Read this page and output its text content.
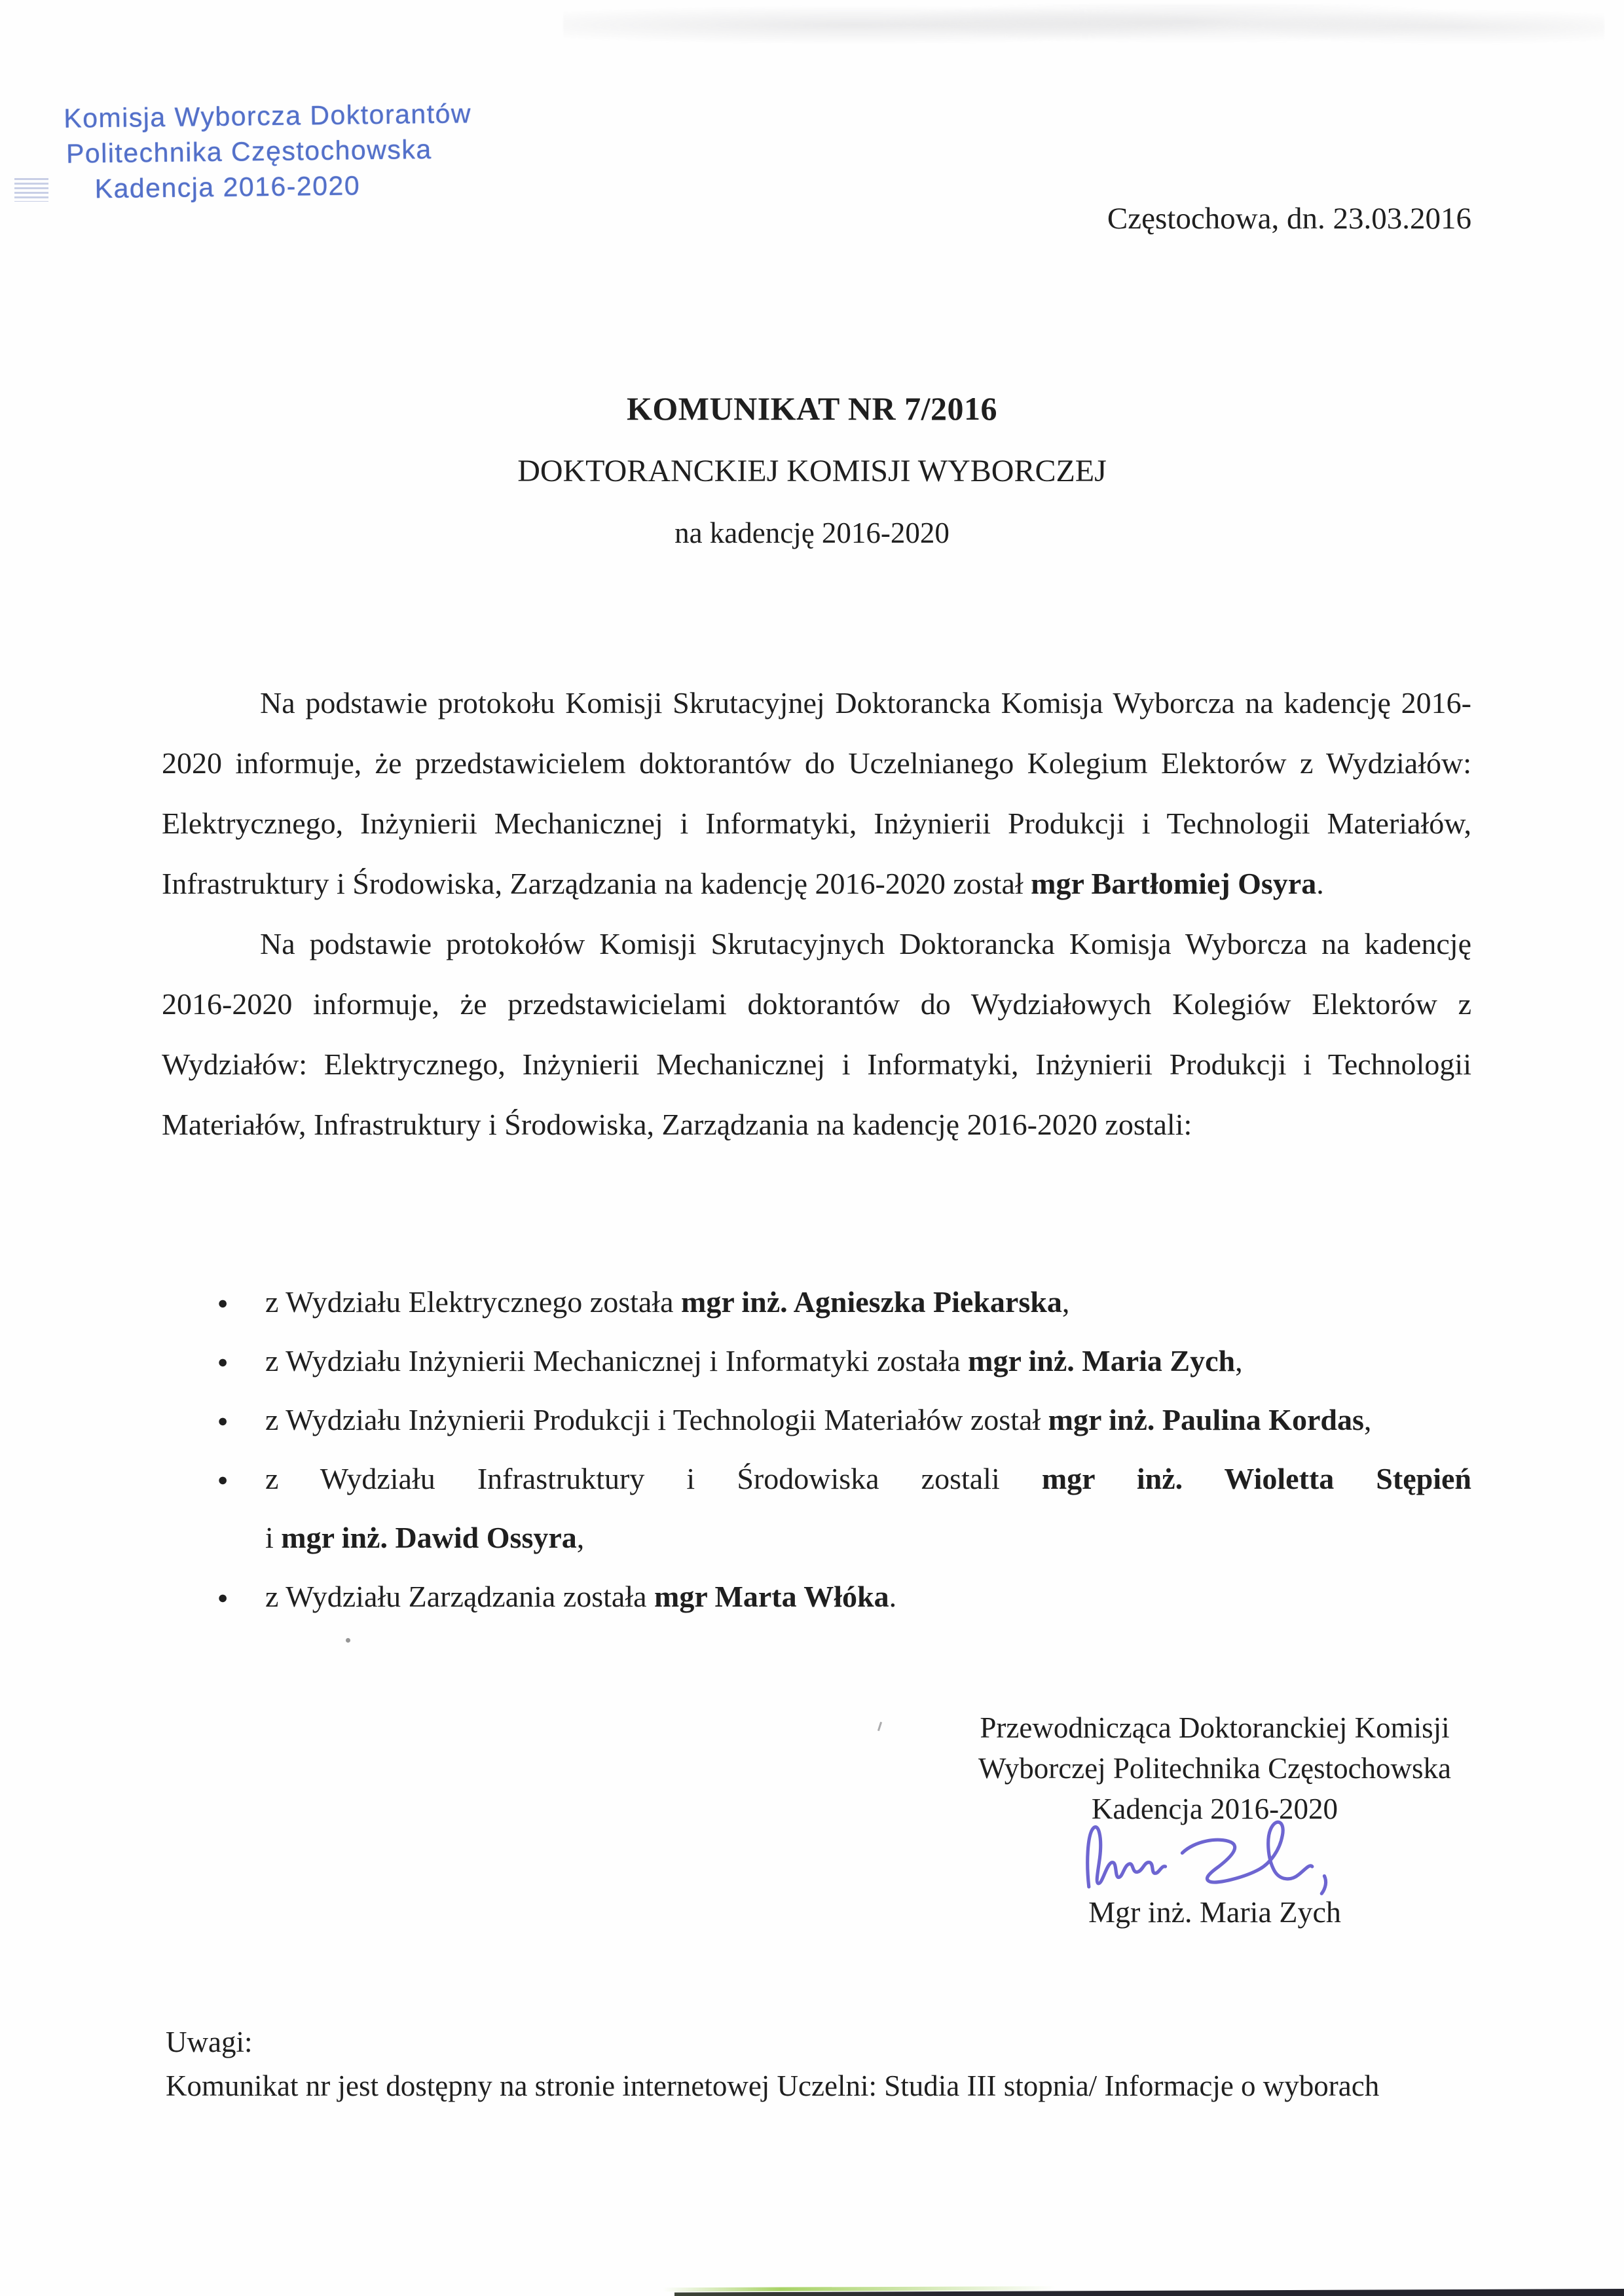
Komisja Wyborcza Doktorantów
Politechnika Częstochowska
Kadencja 2016-2020
Częstochowa, dn. 23.03.2016
KOMUNIKAT NR 7/2016
DOKTORANCKIEJ KOMISJI WYBORCZEJ
na kadencję 2016-2020

Na podstawie protokołu Komisji Skrutacyjnej Doktorancka Komisja Wyborcza na kadencję 2016-2020 informuje, że przedstawicielem doktorantów do Uczelnianego Kolegium Elektorów z Wydziałów: Elektrycznego, Inżynierii Mechanicznej i Informatyki, Inżynierii Produkcji i Technologii Materiałów, Infrastruktury i Środowiska, Zarządzania na kadencję 2016-2020 został mgr Bartłomiej Osyra.

Na podstawie protokołów Komisji Skrutacyjnych Doktorancka Komisja Wyborcza na kadencję 2016-2020 informuje, że przedstawicielami doktorantów do Wydziałowych Kolegiów Elektorów z Wydziałów: Elektrycznego, Inżynierii Mechanicznej i Informatyki, Inżynierii Produkcji i Technologii Materiałów, Infrastruktury i Środowiska, Zarządzania na kadencję 2016-2020 zostali:

● z Wydziału Elektrycznego została mgr inż. Agnieszka Piekarska,
● z Wydziału Inżynierii Mechanicznej i Informatyki została mgr inż. Maria Zych,
● z Wydziału Inżynierii Produkcji i Technologii Materiałów został mgr inż. Paulina Kordas,
● z Wydziału Infrastruktury i Środowiska zostali mgr inż. Wioletta Stępieńi mgr inż. Dawid Ossyra,
● z Wydziału Zarządzania została mgr Marta Włóka.
Przewodnicząca Doktoranckiej Komisji
Wyborczej Politechnika Częstochowska
Kadencja 2016-2020
Mgr inż. Maria Zych
Uwagi:
Komunikat nr jest dostępny na stronie internetowej Uczelni: Studia III stopnia/ Informacje o wyborach
